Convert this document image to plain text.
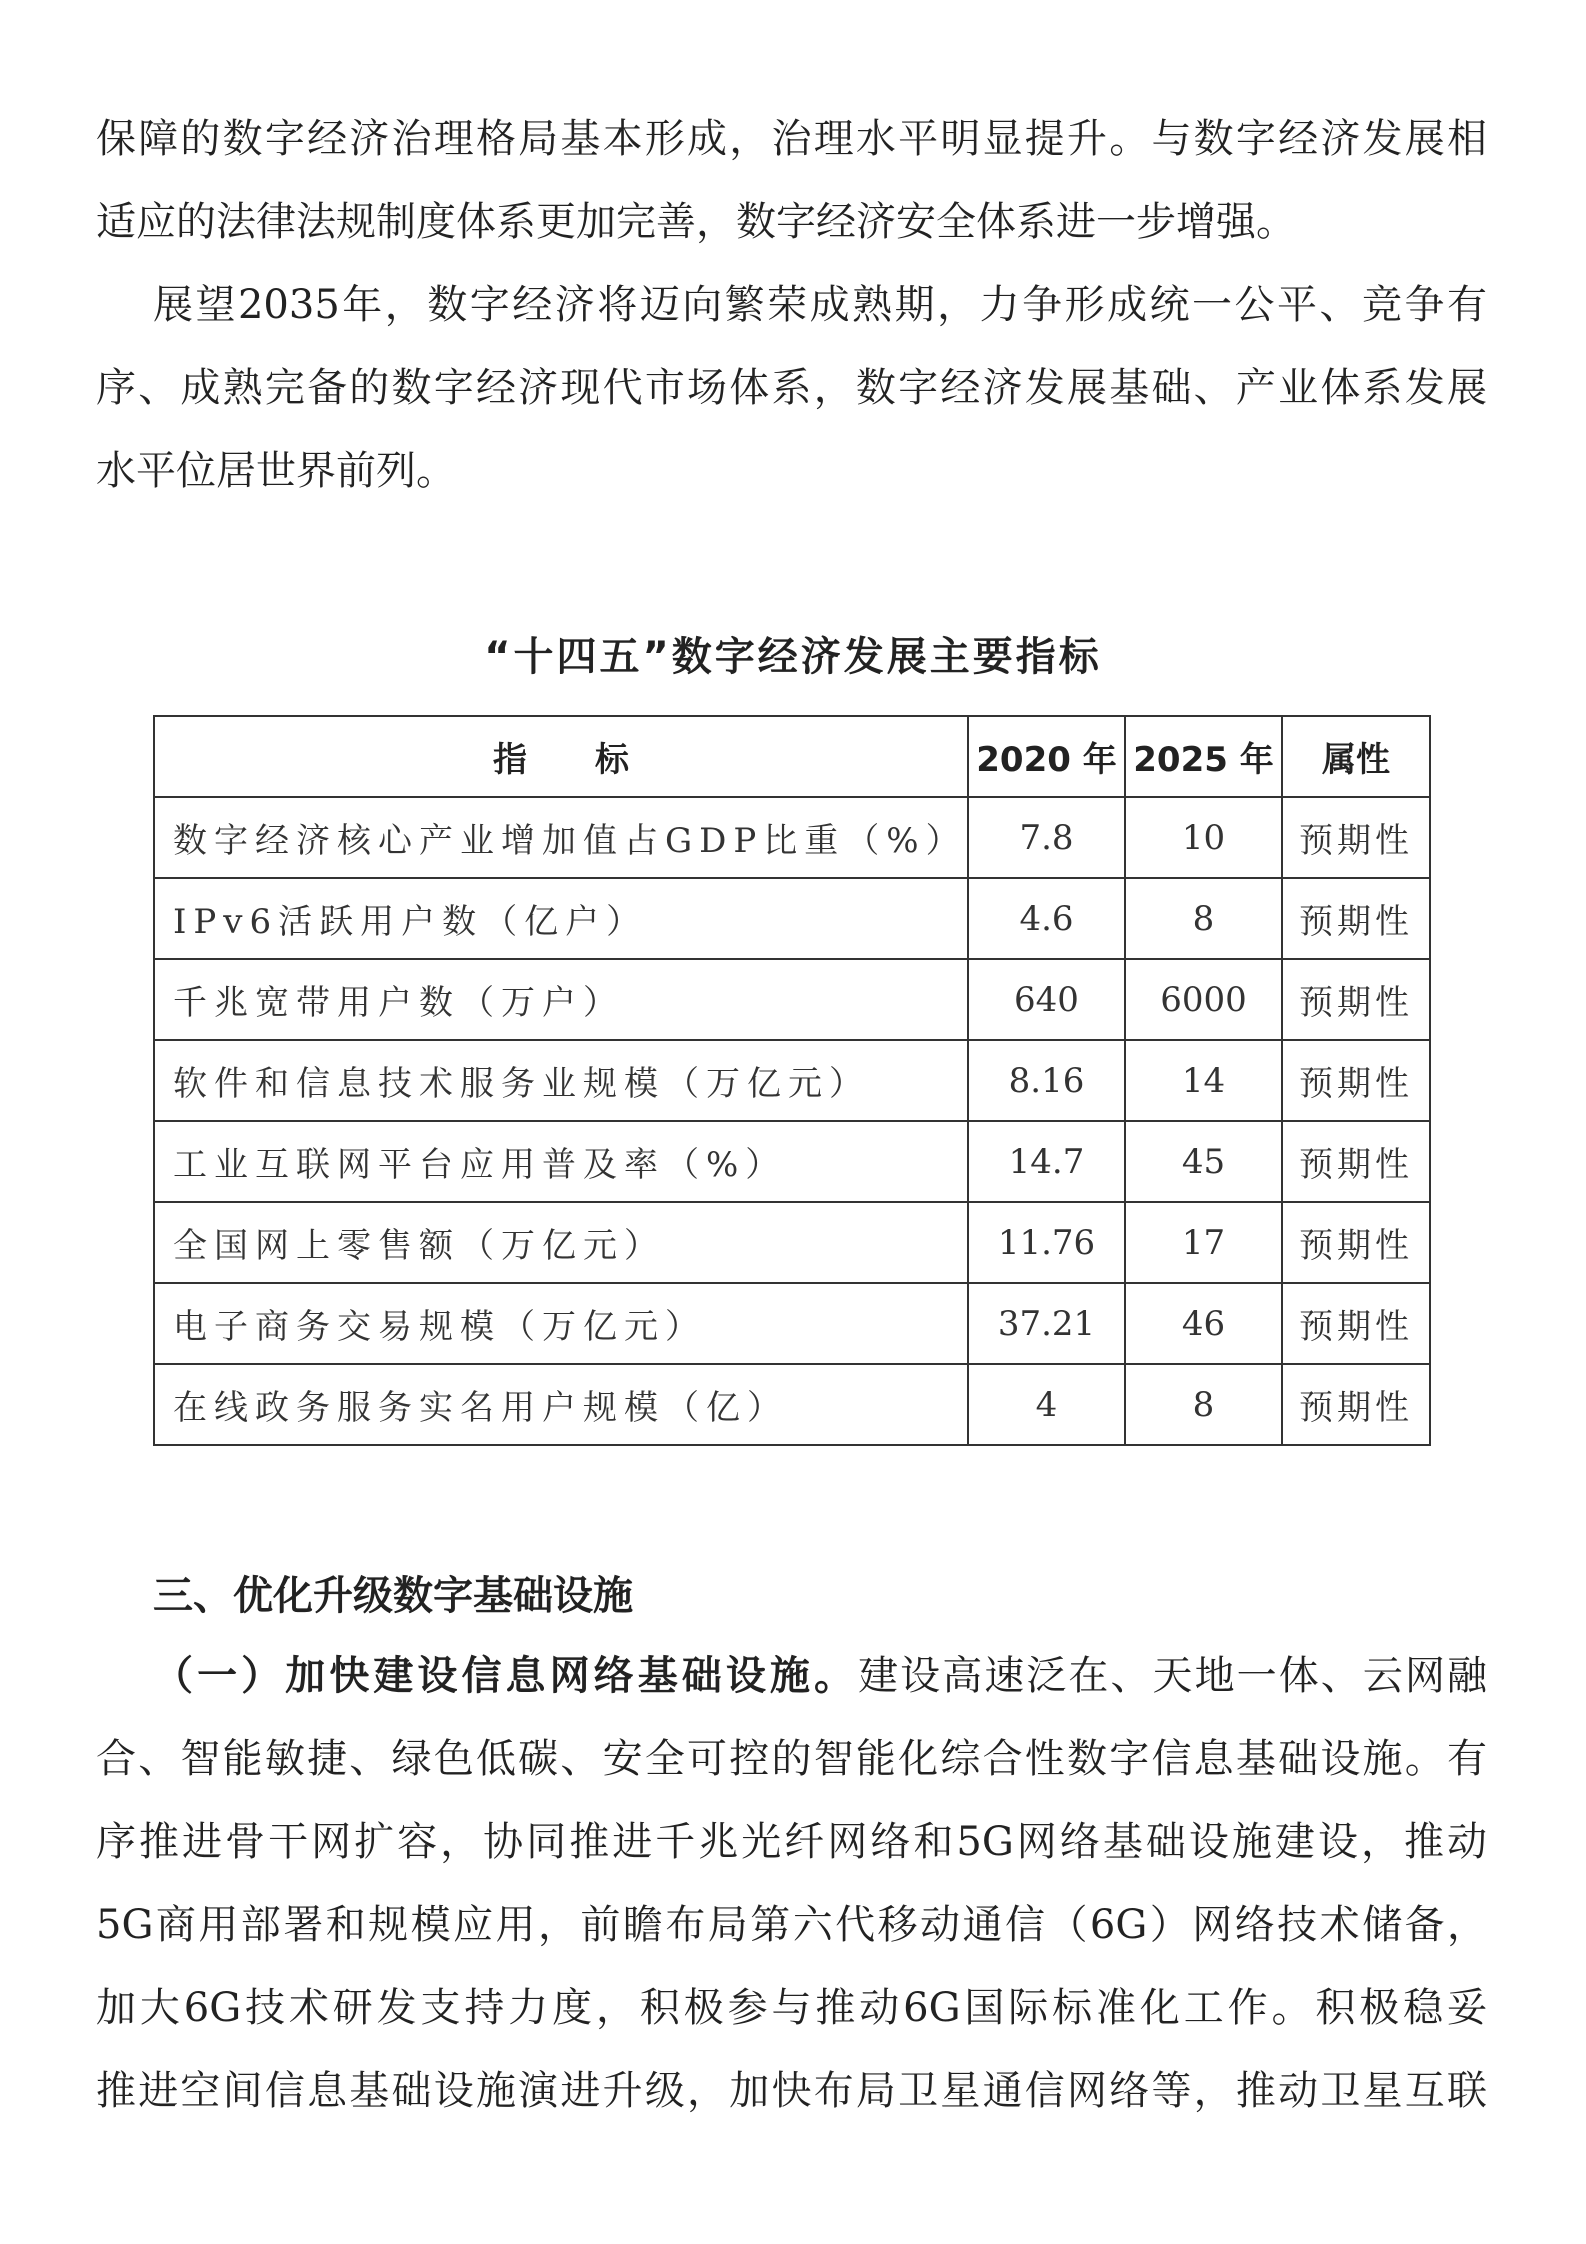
保障的数字经济治理格局基本形成，治理水平明显提升。与数字经济发展相
适应的法律法规制度体系更加完善，数字经济安全体系进一步增强。
展望2035年，数字经济将迈向繁荣成熟期，力争形成统一公平、竞争有
序、成熟完备的数字经济现代市场体系，数字经济发展基础、产业体系发展
水平位居世界前列。
“十四五”数字经济发展主要指标
指　　标	2020 年	2025 年	属性
数字经济核心产业增加值占GDP比重（%）	7.8	10	预期性
IPv6活跃用户数（亿户）	4.6	8	预期性
千兆宽带用户数（万户）	640	6000	预期性
软件和信息技术服务业规模（万亿元）	8.16	14	预期性
工业互联网平台应用普及率（%）	14.7	45	预期性
全国网上零售额（万亿元）	11.76	17	预期性
电子商务交易规模（万亿元）	37.21	46	预期性
在线政务服务实名用户规模（亿）	4	8	预期性
三、优化升级数字基础设施
（一）加快建设信息网络基础设施。建设高速泛在、天地一体、云网融
合、智能敏捷、绿色低碳、安全可控的智能化综合性数字信息基础设施。有
序推进骨干网扩容，协同推进千兆光纤网络和5G网络基础设施建设，推动
5G商用部署和规模应用，前瞻布局第六代移动通信（6G）网络技术储备，
加大6G技术研发支持力度，积极参与推动6G国际标准化工作。积极稳妥
推进空间信息基础设施演进升级，加快布局卫星通信网络等，推动卫星互联
